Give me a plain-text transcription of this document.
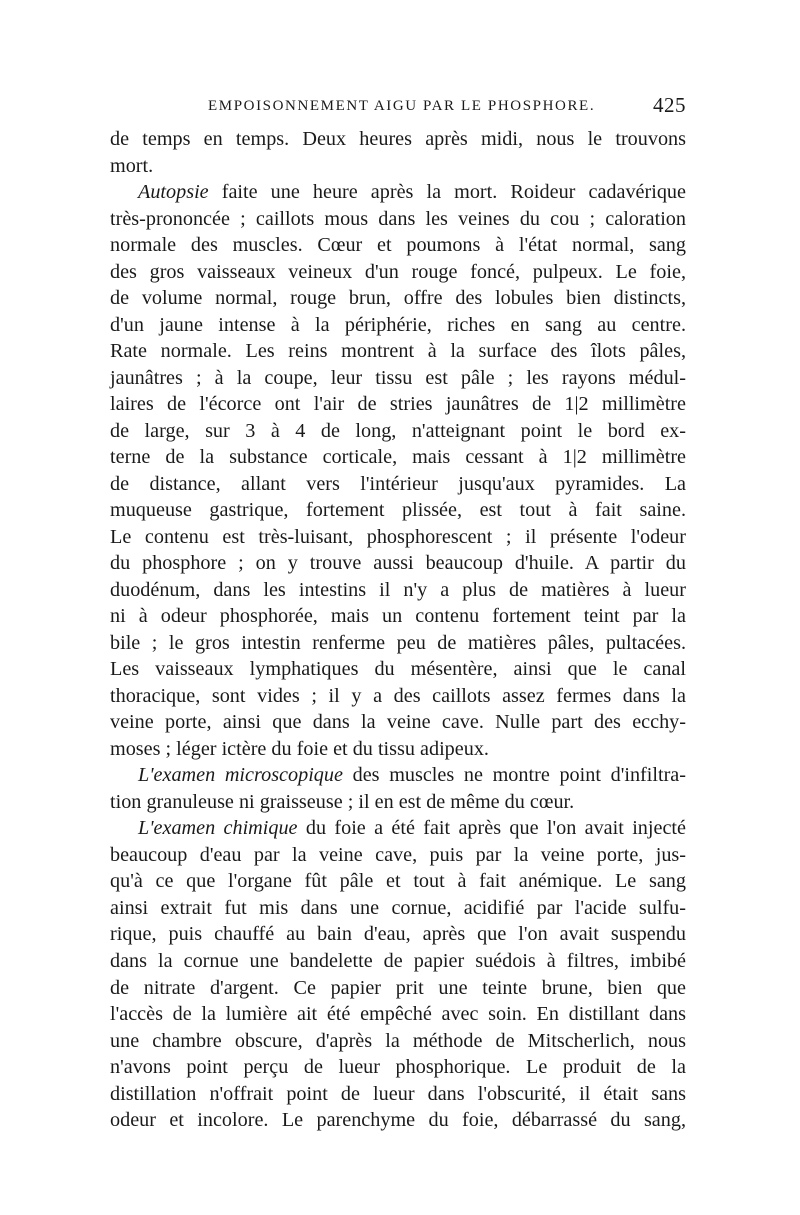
EMPOISONNEMENT AIGU PAR LE PHOSPHORE.	425
de temps en temps. Deux heures après midi, nous le trouvons
mort.
Autopsie faite une heure après la mort. Roideur cadavérique
très-prononcée ; caillots mous dans les veines du cou ; caloration
normale des muscles. Cœur et poumons à l'état normal, sang
des gros vaisseaux veineux d'un rouge foncé, pulpeux. Le foie,
de volume normal, rouge brun, offre des lobules bien distincts,
d'un jaune intense à la périphérie, riches en sang au centre.
Rate normale. Les reins montrent à la surface des îlots pâles,
jaunâtres ; à la coupe, leur tissu est pâle ; les rayons médul-
laires de l'écorce ont l'air de stries jaunâtres de 1|2 millimètre
de large, sur 3 à 4 de long, n'atteignant point le bord ex-
terne de la substance corticale, mais cessant à 1|2 millimètre
de distance, allant vers l'intérieur jusqu'aux pyramides. La
muqueuse gastrique, fortement plissée, est tout à fait saine.
Le contenu est très-luisant, phosphorescent ; il présente l'odeur
du phosphore ; on y trouve aussi beaucoup d'huile. A partir du
duodénum, dans les intestins il n'y a plus de matières à lueur
ni à odeur phosphorée, mais un contenu fortement teint par la
bile ; le gros intestin renferme peu de matières pâles, pultacées.
Les vaisseaux lymphatiques du mésentère, ainsi que le canal
thoracique, sont vides ; il y a des caillots assez fermes dans la
veine porte, ainsi que dans la veine cave. Nulle part des ecchy-
moses ; léger ictère du foie et du tissu adipeux.
L'examen microscopique des muscles ne montre point d'infiltra-
tion granuleuse ni graisseuse ; il en est de même du cœur.
L'examen chimique du foie a été fait après que l'on avait injecté
beaucoup d'eau par la veine cave, puis par la veine porte, jus-
qu'à ce que l'organe fût pâle et tout à fait anémique. Le sang
ainsi extrait fut mis dans une cornue, acidifié par l'acide sulfu-
rique, puis chauffé au bain d'eau, après que l'on avait suspendu
dans la cornue une bandelette de papier suédois à filtres, imbibé
de nitrate d'argent. Ce papier prit une teinte brune, bien que
l'accès de la lumière ait été empêché avec soin. En distillant dans
une chambre obscure, d'après la méthode de Mitscherlich, nous
n'avons point perçu de lueur phosphorique. Le produit de la
distillation n'offrait point de lueur dans l'obscurité, il était sans
odeur et incolore. Le parenchyme du foie, débarrassé du sang,
